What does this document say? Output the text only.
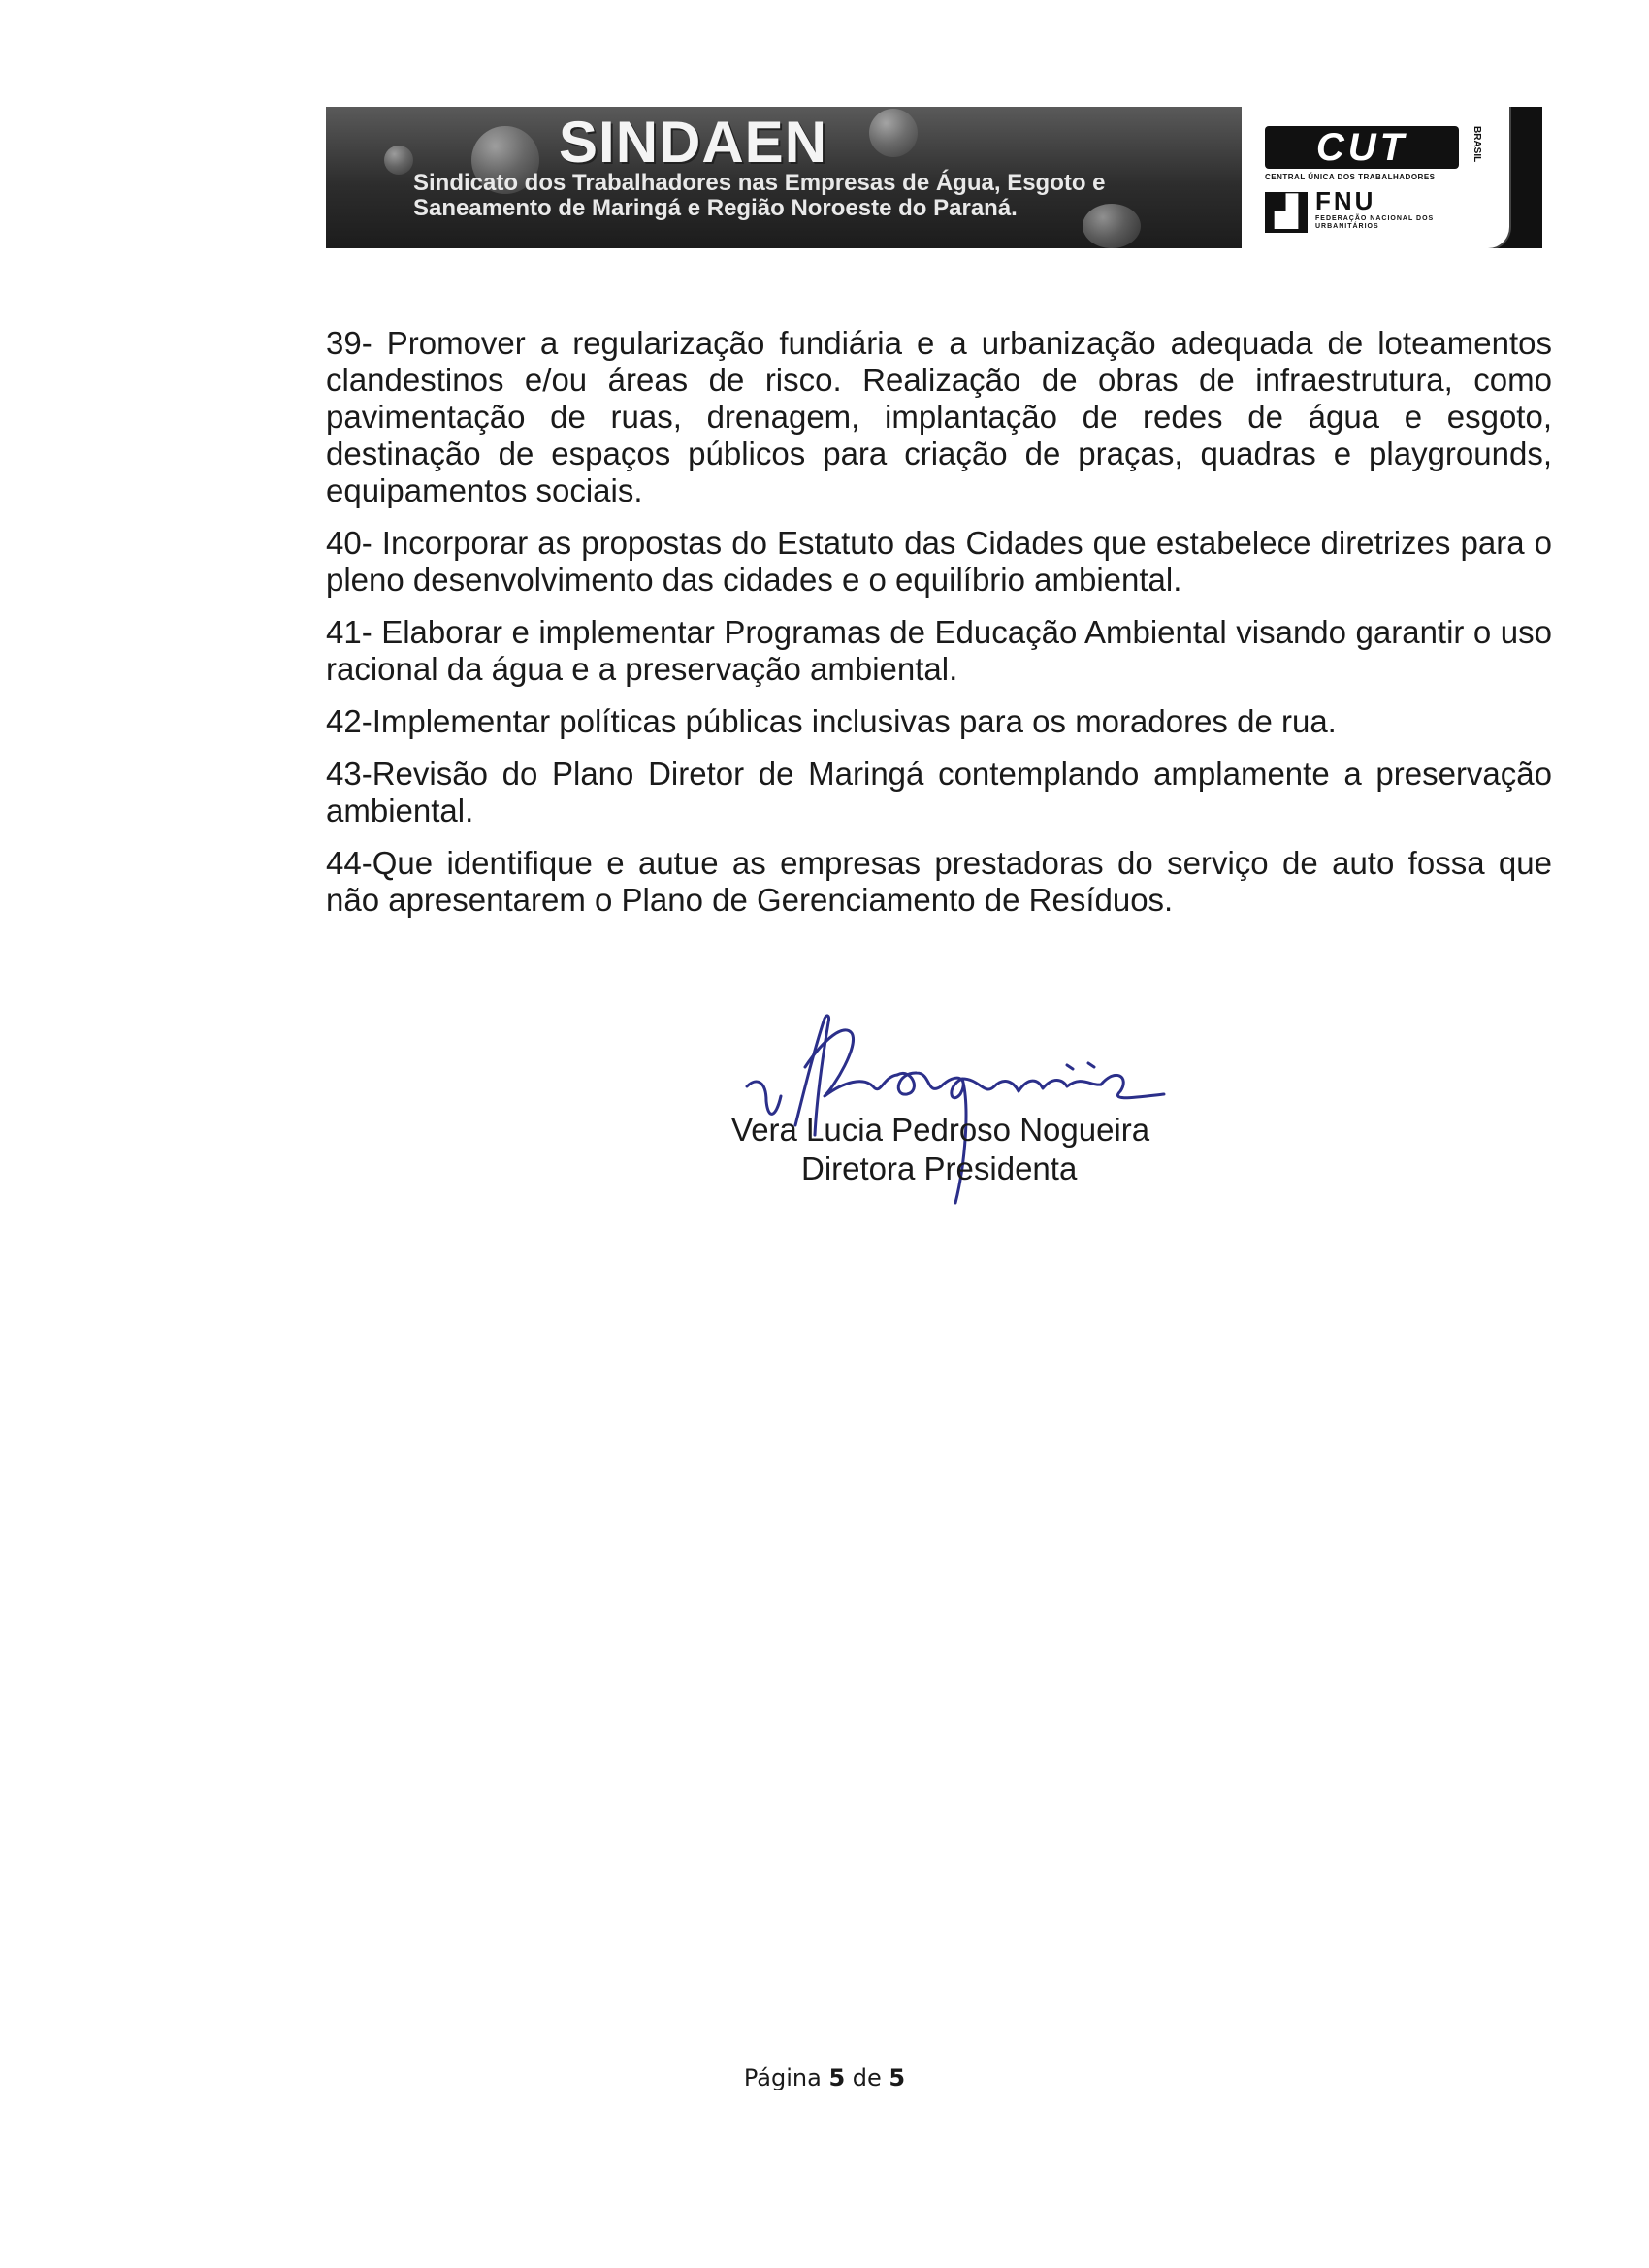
SINDAEN
Sindicato dos Trabalhadores nas Empresas de Água, Esgoto e Saneamento de Maringá e Região Noroeste do Paraná.
CUT	BRASIL
CENTRAL ÚNICA DOS TRABALHADORES
▟ FNU
FEDERAÇÃO NACIONAL DOS URBANITÁRIOS

39- Promover a regularização fundiária e a urbanização adequada de loteamentos clandestinos e/ou áreas de risco. Realização de obras de infraestrutura, como pavimentação de ruas, drenagem, implantação de redes de água e esgoto, destinação de espaços públicos para criação de praças, quadras e playgrounds, equipamentos sociais.

40- Incorporar as propostas do Estatuto das Cidades que estabelece diretrizes para o pleno desenvolvimento das cidades e o equilíbrio ambiental.

41- Elaborar e implementar Programas de Educação Ambiental visando garantir o uso racional da água e a preservação ambiental.

42-Implementar políticas públicas inclusivas para os moradores de rua.

43-Revisão do Plano Diretor de Maringá contemplando amplamente a preservação ambiental.

44-Que identifique e autue as empresas prestadoras do serviço de auto fossa que não apresentarem o Plano de Gerenciamento de Resíduos.

Vera Lucia Pedroso Nogueira
Diretora Presidenta
Página 5 de 5
